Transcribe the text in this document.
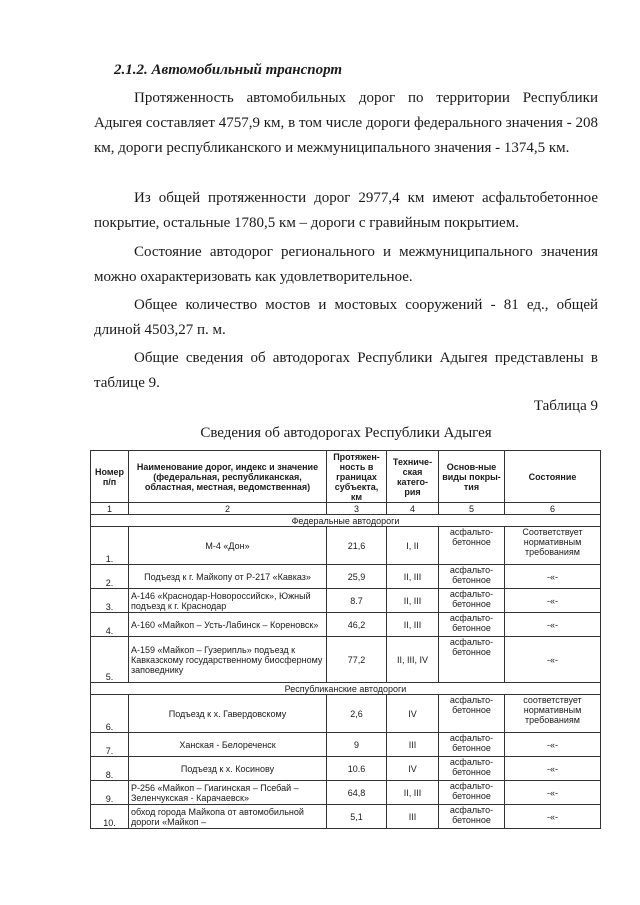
2.1.2. Автомобильный транспорт
Протяженность автомобильных дорог по территории Республики Адыгея составляет 4757,9 км, в том числе дороги федерального значения - 208 км, дороги республиканского и межмуниципального значения - 1374,5 км.
Из общей протяженности дорог 2977,4 км имеют асфальтобетонное покрытие, остальные 1780,5 км – дороги с гравийным покрытием.
Состояние автодорог регионального и межмуниципального значения можно охарактеризовать как удовлетворительное.
Общее количество мостов и мостовых сооружений - 81 ед., общей длиной 4503,27 п. м.
Общие сведения об автодорогах Республики Адыгея представлены в таблице 9.
Таблица 9
Сведения об автодорогах Республики Адыгея
Номер п/п	Наименование дорог, индекс и значение (федеральная, республиканская, областная, местная, ведомственная)	Протяжен-ность в границах субъекта, км	Техниче-ская катего-рия	Основ-ные виды покры-тия	Состояние
1	2	3	4	5	6
Федеральные автодороги					
1.	М-4 «Дон»	21,6	I, II	асфальто-бетонное	Соответствует нормативным требованиям
2.	Подъезд к г. Майкопу от Р-217 «Кавказ»	25,9	II, III	асфальто-бетонное	-«-
3.	А-146 «Краснодар-Новороссийск», Южный подъезд к г. Краснодар	8.7	II, III	асфальто-бетонное	-«-
4.	А-160 «Майкоп – Усть-Лабинск – Кореновск»	46,2	II, III	асфальто-бетонное	-«-
5.	А-159 «Майкоп – Гузерипль» подъезд к Кавказскому государственному биосферному заповеднику	77,2	II, III, IV	асфальто-бетонное	-«-
Республиканские автодороги					
6.	Подъезд к х. Гавердовскому	2,6	IV	асфальто-бетонное	соответствует нормативным требованиям
7.	Ханская - Белореченск	9	III	асфальто-бетонное	-«-
8.	Подъезд к х. Косинову	10.6	IV	асфальто-бетонное	-«-
9.	Р-256 «Майкоп – Гиагинская – Псебай – Зеленчукская - Карачаевск»	64,8	II, III	асфальто-бетонное	-«-
10.	обход города Майкопа от автомобильной дороги «Майкоп –	5,1	III	асфальто-бетонное	-«-
